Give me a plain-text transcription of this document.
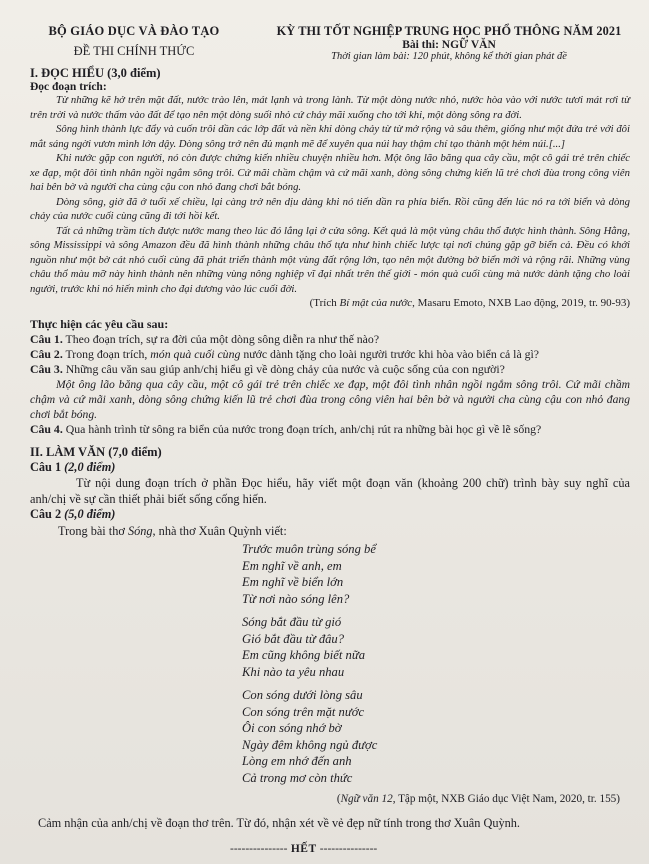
BỘ GIÁO DỤC VÀ ĐÀO TẠO
ĐỀ THI CHÍNH THỨC
KỲ THI TỐT NGHIỆP TRUNG HỌC PHỔ THÔNG NĂM 2021
Bài thi: NGỮ VĂN
Thời gian làm bài: 120 phút, không kể thời gian phát đề
I. ĐỌC HIỂU (3,0 điểm)
Đọc đoạn trích:
Từ những kẽ hở trên mặt đất, nước trào lên, mát lạnh và trong lành. Từ một dòng nước nhỏ, nước hòa vào với nước tươi mát rơi từ trên trời và nước thấm vào đất để tạo nên một dòng suối nhỏ cứ chảy mãi xuống cho tới khi, một dòng sông ra đời.
Sông hình thành lực đẩy và cuốn trôi dần các lớp đất và nền khi dòng chảy từ từ mở rộng và sâu thêm, giống như một đứa trẻ với đôi mắt sáng ngời vươn mình lớn dậy. Dòng sông trở nên đủ mạnh mẽ để xuyên qua núi hay thậm chí tạo thành một hẻm núi.[...]
Khi nước gặp con người, nó còn được chứng kiến nhiều chuyện nhiều hơn. Một ông lão băng qua cây cầu, một cô gái trẻ trên chiếc xe đạp, một đôi tình nhân ngồi ngắm sông trôi. Cứ mãi chầm chậm và cứ mãi xanh, dòng sông chứng kiến lũ trẻ chơi đùa trong công viên hai bên bờ và người cha cùng cậu con nhỏ đang chơi bắt bóng.
Dòng sông, giờ đã ở tuổi xế chiều, lại càng trở nên dịu dàng khi nó tiến dần ra phía biển. Rồi cũng đến lúc nó ra tới biển và dòng chảy của nước cuối cùng cũng đi tới hồi kết.
Tất cả những trầm tích được nước mang theo lúc đó lắng lại ở cửa sông. Kết quả là một vùng châu thổ được hình thành. Sông Hằng, sông Mississippi và sông Amazon đều đã hình thành những châu thổ tựa như hình chiếc lược tại nơi chúng gặp gỡ biển cả. Đều có khởi nguồn như một bờ cát nhỏ cuối cùng đã phát triển thành một vùng đất rộng lớn, tạo nên một đường bờ biển mới và rộng rãi. Những vùng châu thổ màu mỡ này hình thành nên những vùng nông nghiệp vĩ đại nhất trên thế giới - món quà cuối cùng mà nước dành tặng cho loài người, trước khi nó hiến mình cho đại dương vào lúc cuối đời.
(Trích Bí mật của nước, Masaru Emoto, NXB Lao động, 2019, tr. 90-93)
Thực hiện các yêu cầu sau:
Câu 1. Theo đoạn trích, sự ra đời của một dòng sông diễn ra như thế nào?
Câu 2. Trong đoạn trích, món quà cuối cùng nước dành tặng cho loài người trước khi hòa vào biển cả là gì?
Câu 3. Những câu văn sau giúp anh/chị hiểu gì về dòng chảy của nước và cuộc sống của con người?
Một ông lão băng qua cây cầu, một cô gái trẻ trên chiếc xe đạp, một đôi tình nhân ngồi ngắm sông trôi. Cứ mãi chầm chậm và cứ mãi xanh, dòng sông chứng kiến lũ trẻ chơi đùa trong công viên hai bên bờ và người cha cùng cậu con nhỏ đang chơi bắt bóng.
Câu 4. Qua hành trình từ sông ra biển của nước trong đoạn trích, anh/chị rút ra những bài học gì về lẽ sống?
II. LÀM VĂN (7,0 điểm)
Câu 1 (2,0 điểm)
Từ nội dung đoạn trích ở phần Đọc hiểu, hãy viết một đoạn văn (khoảng 200 chữ) trình bày suy nghĩ của anh/chị về sự cần thiết phải biết sống cống hiến.
Câu 2 (5,0 điểm)
Trong bài thơ Sóng, nhà thơ Xuân Quỳnh viết:
Trước muôn trùng sóng bể
Em nghĩ về anh, em
Em nghĩ về biển lớn
Từ nơi nào sóng lên?
Sóng bắt đầu từ gió
Gió bắt đầu từ đâu?
Em cũng không biết nữa
Khi nào ta yêu nhau
Con sóng dưới lòng sâu
Con sóng trên mặt nước
Ôi con sóng nhớ bờ
Ngày đêm không ngủ được
Lòng em nhớ đến anh
Cả trong mơ còn thức
(Ngữ văn 12, Tập một, NXB Giáo dục Việt Nam, 2020, tr. 155)
Cảm nhận của anh/chị về đoạn thơ trên. Từ đó, nhận xét về vẻ đẹp nữ tính trong thơ Xuân Quỳnh.
--------------- HẾT ---------------
